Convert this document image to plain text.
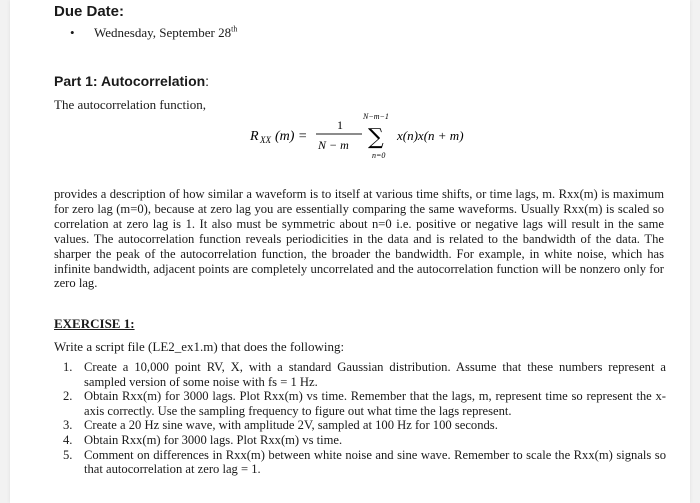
Due Date:
• Wednesday, September 28th
Part 1: Autocorrelation:
The autocorrelation function,
R XX (m) =
1
N − m
N−m−1
∑
n=0
x(n)x(n + m)
provides a description of how similar a waveform is to itself at various time shifts, or time lags, m. Rxx(m) is maximum for zero lag (m=0), because at zero lag you are essentially comparing the same waveforms. Usually Rxx(m) is scaled so correlation at zero lag is 1. It also must be symmetric about n=0 i.e. positive or negative lags will result in the same values. The autocorrelation function reveals periodicities in the data and is related to the bandwidth of the data. The sharper the peak of the autocorrelation function, the broader the bandwidth. For example, in white noise, which has infinite bandwidth, adjacent points are completely uncorrelated and the autocorrelation function will be nonzero only for zero lag.
EXERCISE 1:
Write a script file (LE2_ex1.m) that does the following:
1. Create a 10,000 point RV, X, with a standard Gaussian distribution. Assume that these numbers represent a sampled version of some noise with fs = 1 Hz.
2. Obtain Rxx(m) for 3000 lags. Plot Rxx(m) vs time. Remember that the lags, m, represent time so represent the x-axis correctly. Use the sampling frequency to figure out what time the lags represent.
3. Create a 20 Hz sine wave, with amplitude 2V, sampled at 100 Hz for 100 seconds.
4. Obtain Rxx(m) for 3000 lags. Plot Rxx(m) vs time.
5. Comment on differences in Rxx(m) between white noise and sine wave. Remember to scale the Rxx(m) signals so that autocorrelation at zero lag = 1.
